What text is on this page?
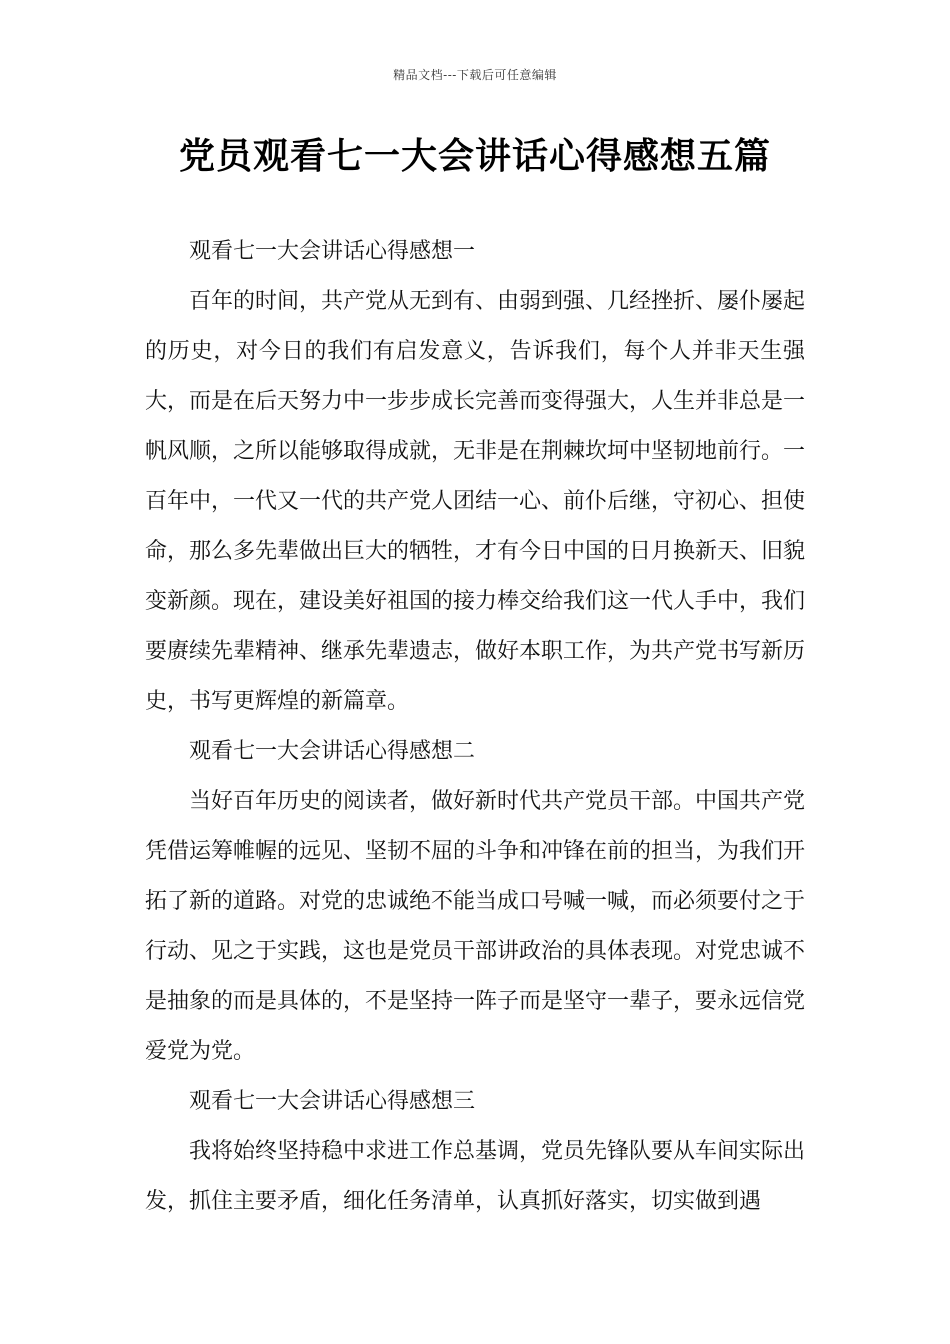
精品文档---下载后可任意编辑
党员观看七一大会讲话心得感想五篇

观看七一大会讲话心得感想一

百年的时间，共产党从无到有、由弱到强、几经挫折、屡仆屡起的历史，对今日的我们有启发意义，告诉我们，每个人并非天生强大，而是在后天努力中一步步成长完善而变得强大，人生并非总是一帆风顺，之所以能够取得成就，无非是在荆棘坎坷中坚韧地前行。一百年中，一代又一代的共产党人团结一心、前仆后继，守初心、担使命，那么多先辈做出巨大的牺牲，才有今日中国的日月换新天、旧貌变新颜。现在，建设美好祖国的接力棒交给我们这一代人手中，我们要赓续先辈精神、继承先辈遗志，做好本职工作，为共产党书写新历史，书写更辉煌的新篇章。

观看七一大会讲话心得感想二

当好百年历史的阅读者，做好新时代共产党员干部。中国共产党凭借运筹帷幄的远见、坚韧不屈的斗争和冲锋在前的担当，为我们开拓了新的道路。对党的忠诚绝不能当成口号喊一喊，而必须要付之于行动、见之于实践，这也是党员干部讲政治的具体表现。对党忠诚不是抽象的而是具体的，不是坚持一阵子而是坚守一辈子，要永远信党爱党为党。

观看七一大会讲话心得感想三

我将始终坚持稳中求进工作总基调，党员先锋队要从车间实际出发，抓住主要矛盾，细化任务清单，认真抓好落实，切实做到遇
